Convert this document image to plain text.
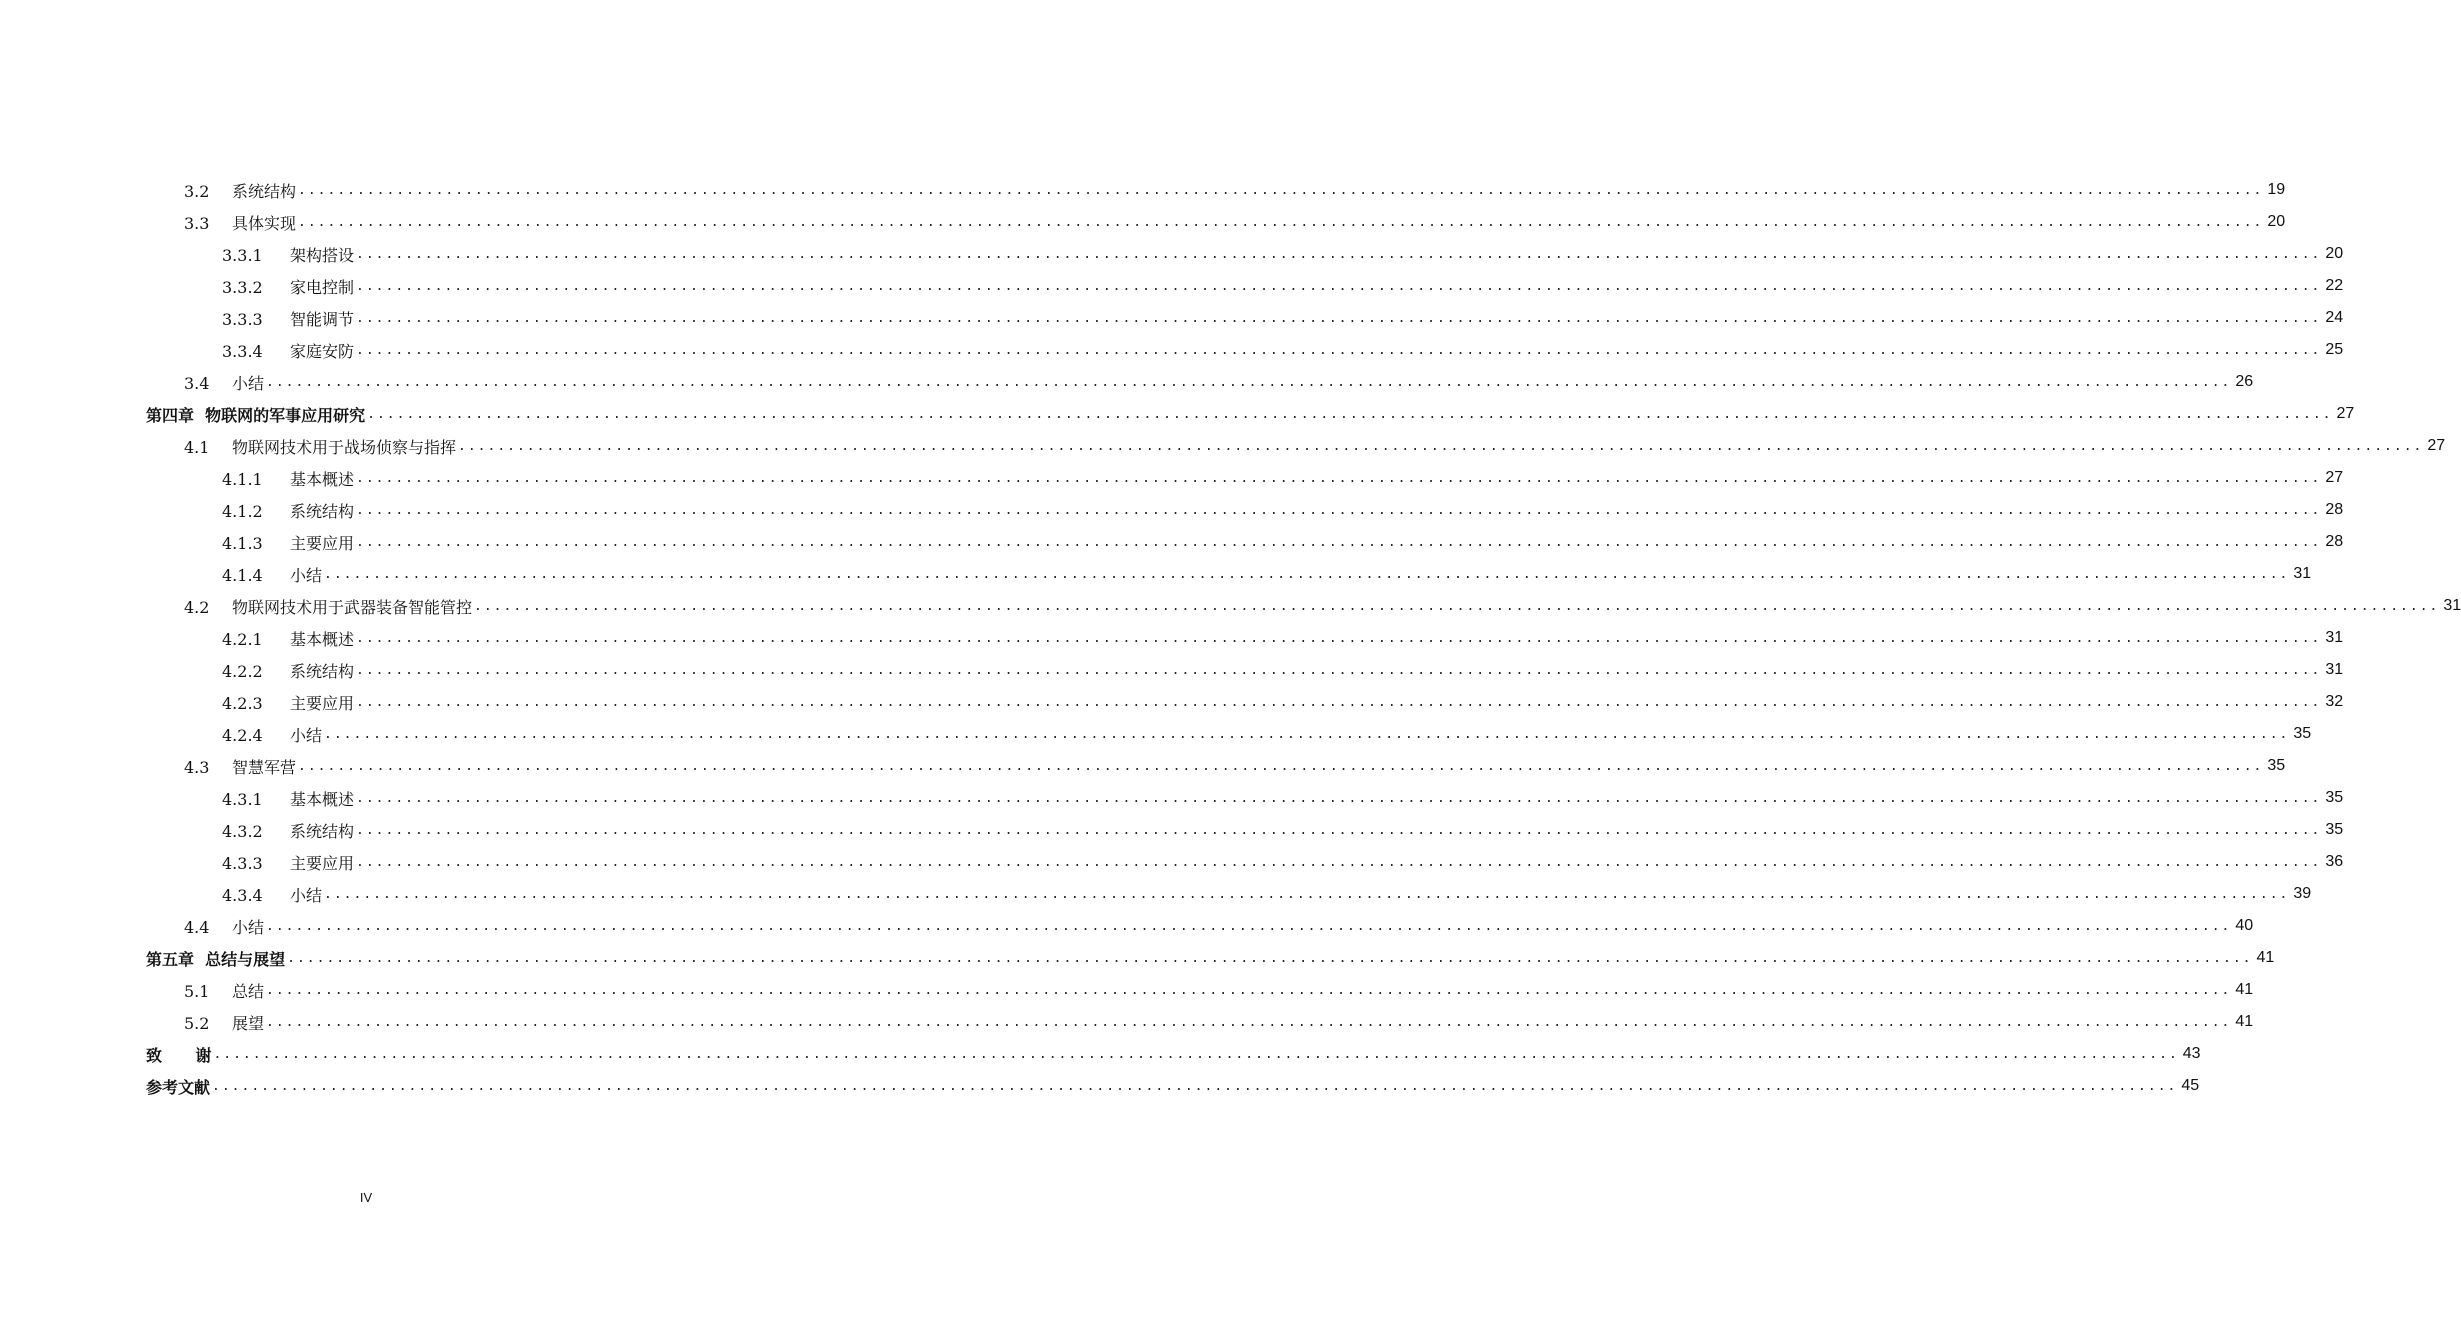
3.2 系统结构 ........................................................................................................................................................................................................ 19
3.3 具体实现 ........................................................................................................................................................................................................ 20
3.3.1 架构搭设 ........................................................................................................................................................................................................ 20
3.3.2 家电控制 ........................................................................................................................................................................................................ 22
3.3.3 智能调节 ........................................................................................................................................................................................................ 24
3.3.4 家庭安防 ........................................................................................................................................................................................................ 25
3.4 小结 ........................................................................................................................................................................................................ 26
第四章  物联网的军事应用研究 ........................................................................................................................................................................................................ 27
4.1 物联网技术用于战场侦察与指挥 ........................................................................................................................................................................................................ 27
4.1.1 基本概述 ........................................................................................................................................................................................................ 27
4.1.2 系统结构 ........................................................................................................................................................................................................ 28
4.1.3 主要应用 ........................................................................................................................................................................................................ 28
4.1.4 小结 ........................................................................................................................................................................................................ 31
4.2 物联网技术用于武器装备智能管控 ........................................................................................................................................................................................................ 31
4.2.1 基本概述 ........................................................................................................................................................................................................ 31
4.2.2 系统结构 ........................................................................................................................................................................................................ 31
4.2.3 主要应用 ........................................................................................................................................................................................................ 32
4.2.4 小结 ........................................................................................................................................................................................................ 35
4.3 智慧军营 ........................................................................................................................................................................................................ 35
4.3.1 基本概述 ........................................................................................................................................................................................................ 35
4.3.2 系统结构 ........................................................................................................................................................................................................ 35
4.3.3 主要应用 ........................................................................................................................................................................................................ 36
4.3.4 小结 ........................................................................................................................................................................................................ 39
4.4 小结 ........................................................................................................................................................................................................ 40
第五章  总结与展望 ........................................................................................................................................................................................................ 41
5.1 总结 ........................................................................................................................................................................................................ 41
5.2 展望 ........................................................................................................................................................................................................ 41
致      谢 ........................................................................................................................................................................................................ 43
参考文献 ........................................................................................................................................................................................................ 45
IV
